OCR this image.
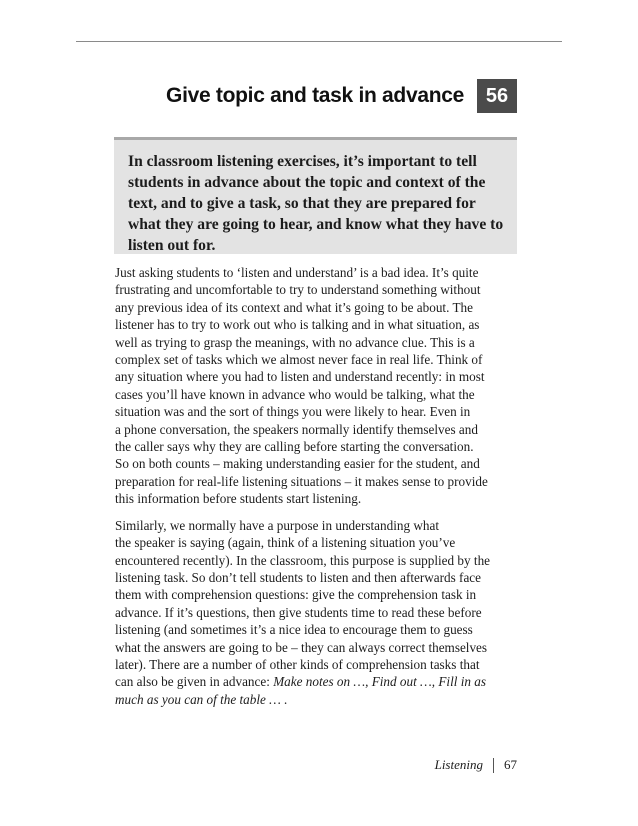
Give topic and task in advance	56

In classroom listening exercises, it’s important to tell students in advance about the topic and context of the text, and to give a task, so that they are prepared for what they are going to hear, and know what they have to listen out for.

Just asking students to ‘listen and understand’ is a bad idea. It’s quite
frustrating and uncomfortable to try to understand something without
any previous idea of its context and what it’s going to be about. The
listener has to try to work out who is talking and in what situation, as
well as trying to grasp the meanings, with no advance clue. This is a
complex set of tasks which we almost never face in real life. Think of
any situation where you had to listen and understand recently: in most
cases you’ll have known in advance who would be talking, what the
situation was and the sort of things you were likely to hear. Even in
a phone conversation, the speakers normally identify themselves and
the caller says why they are calling before starting the conversation.
So on both counts – making understanding easier for the student, and
preparation for real-life listening situations – it makes sense to provide
this information before students start listening.

Similarly, we normally have a purpose in understanding what
the speaker is saying (again, think of a listening situation you’ve
encountered recently). In the classroom, this purpose is supplied by the
listening task. So don’t tell students to listen and then afterwards face
them with comprehension questions: give the comprehension task in
advance. If it’s questions, then give students time to read these before
listening (and sometimes it’s a nice idea to encourage them to guess
what the answers are going to be – they can always correct themselves
later). There are a number of other kinds of comprehension tasks that
can also be given in advance: Make notes on …, Find out …, Fill in as
much as you can of the table … .

Listening 67
